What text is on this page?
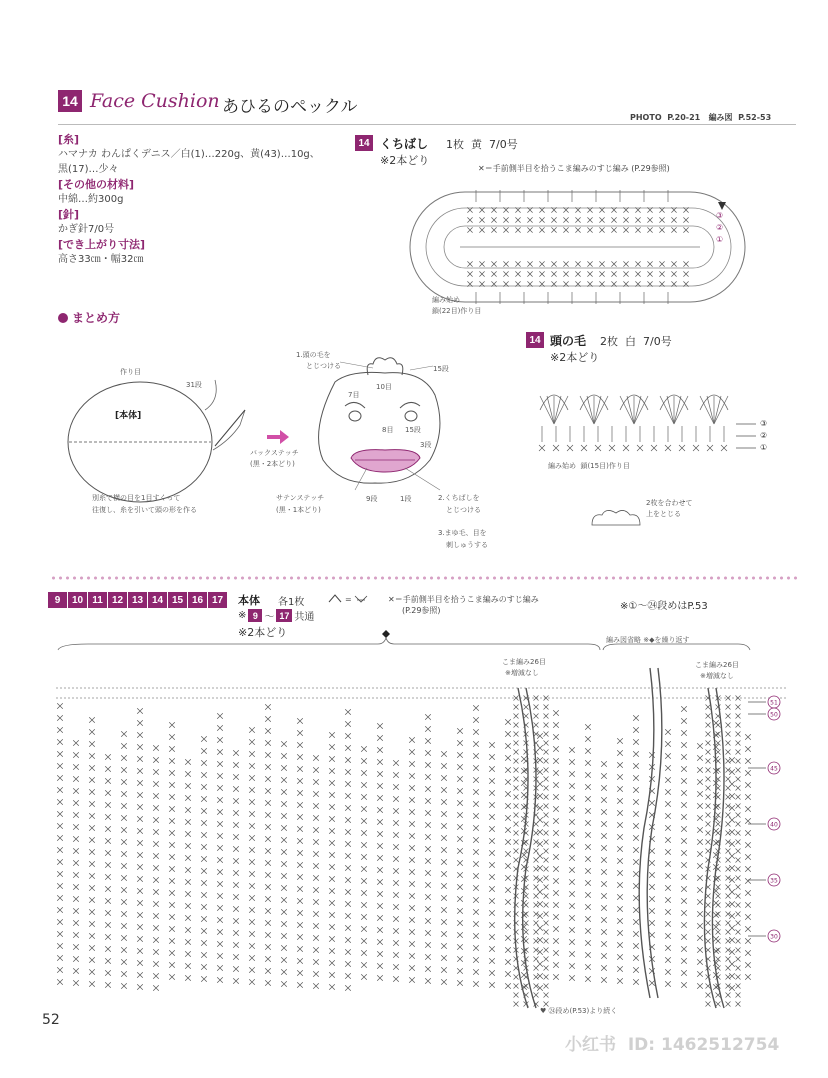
14 Face Cushion あひるのペックル
PHOTO  P.20-21   編み図  P.52-53
[糸]
ハマナカ わんぱくデニス／白(1)…220g、黄(43)…10g、
黒(17)…少々
[その他の材料]
中綿…約300g
[針]
かぎ針7/0号
[でき上がり寸法]
高さ33㎝・幅32㎝
14 くちばし 1枚  黄  7/0号
※2本どり
✕＝手前側半目を拾うこま編みのすじ編み (P.29参照)
③
②
①
編み始め
鎖(22目)作り目
まとめ方
[本体]
作り目
31段
別糸で横の目を1目すくって
往復し、糸を引いて頭の形を作る
1.頭の毛を
とじつける
10目
15段
7目
8目 15段
3段
バックステッチ
(黒・2本どり)
9段	1段
サテンステッチ
(黒・1本どり)
2.くちばしを
とじつける
3.まゆ毛、目を
刺しゅうする
14 頭の毛 2枚  白  7/0号
※2本どり
③
②
①
編み始め  鎖(15目)作り目
2枚を合わせて
上をとじる
9	10 11 12 13 14 15 16 17	本体 各1枚	=	✕＝手前側半目を拾うこま編みのすじ編み
(P.29参照)	※①〜㉔段めはP.53
※ 9 〜 17 共通
※2本どり
51
50
45
40
35
30
こま編み26目
※増減なし
編み図省略 ※◆を繰り返す
こま編み26目
※増減なし
♥ ㉔段め(P.53)より続く
52
小红书  ID: 1462512754
